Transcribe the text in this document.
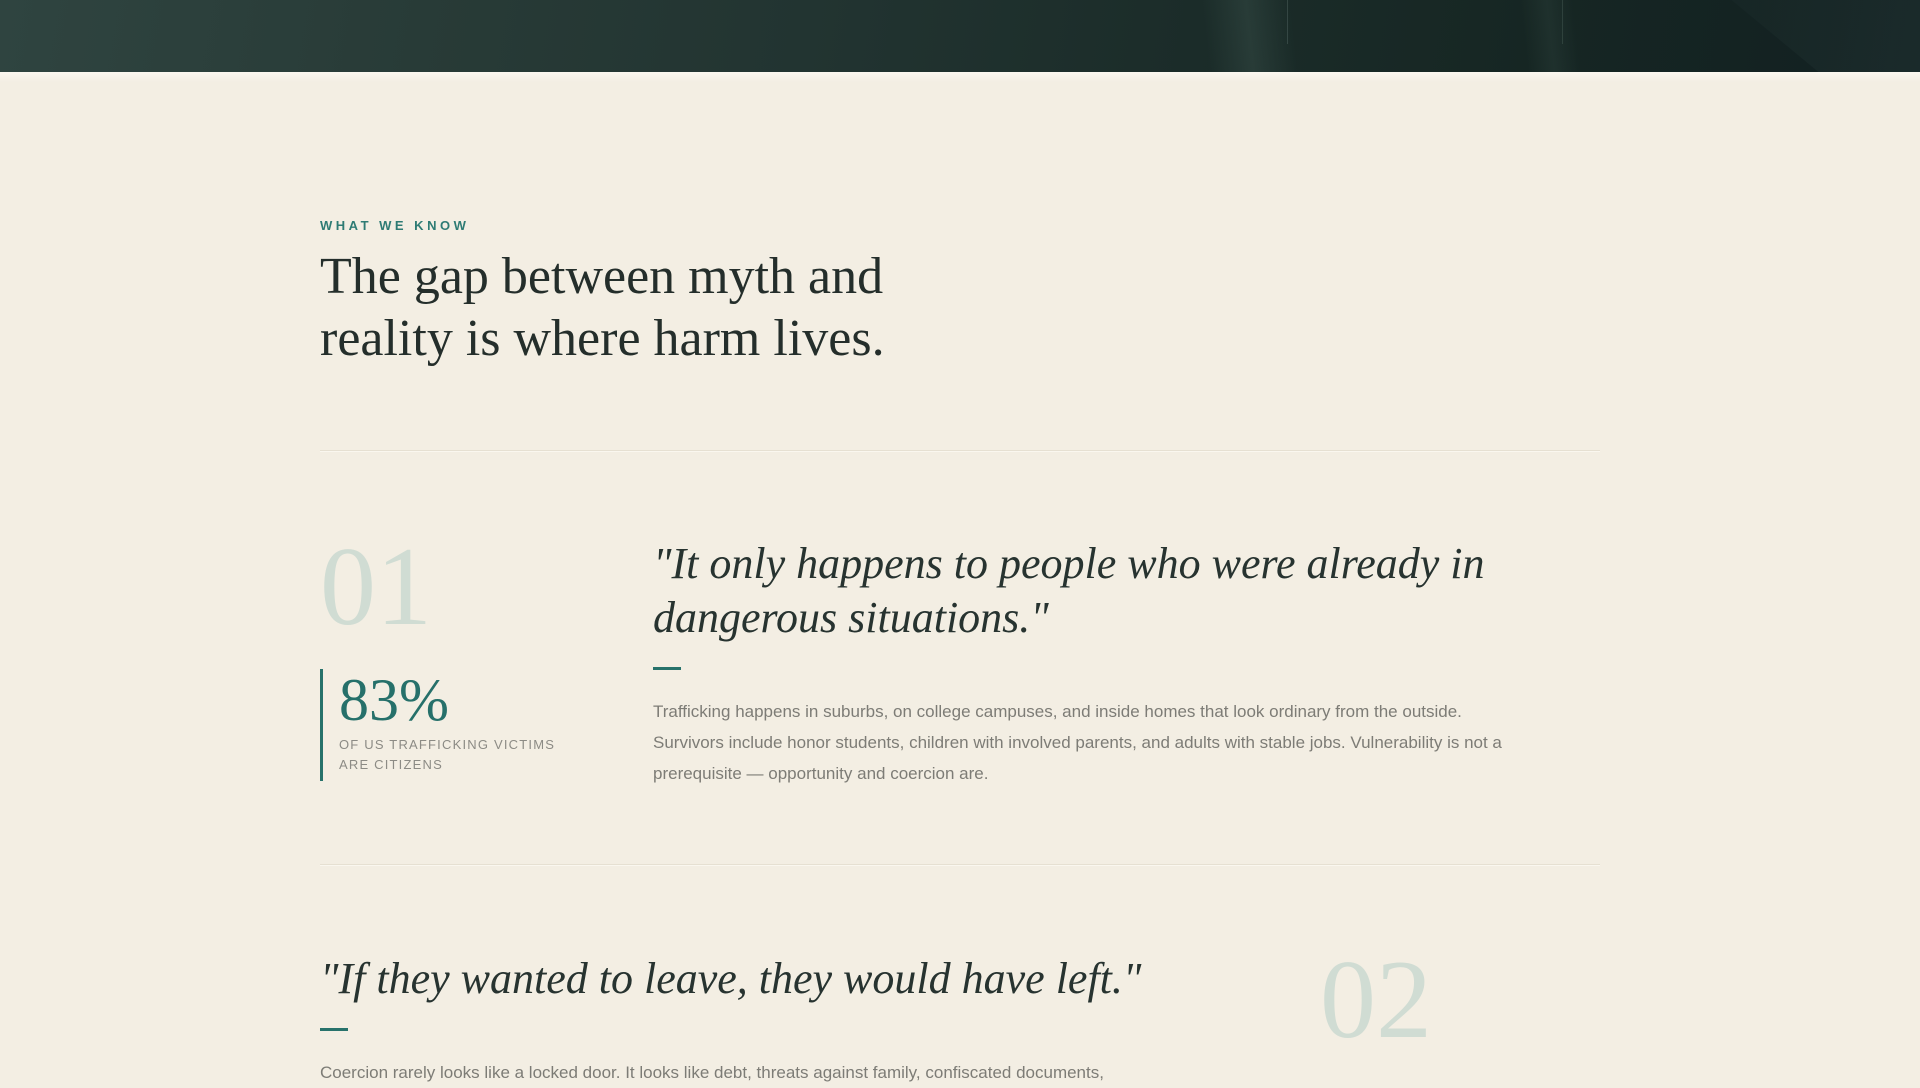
WHAT WE KNOW
The gap between myth and reality is where harm lives.
01
83%
OF US TRAFFICKING VICTIMS ARE CITIZENS
"It only happens to people who were already in dangerous situations."

Trafficking happens in suburbs, on college campuses, and inside homes that look ordinary from the outside. Survivors include honor students, children with involved parents, and adults with stable jobs. Vulnerability is not a prerequisite — opportunity and coercion are.

"If they wanted to leave, they would have left."

Coercion rarely looks like a locked door. It looks like debt, threats against family, confiscated documents,

02
